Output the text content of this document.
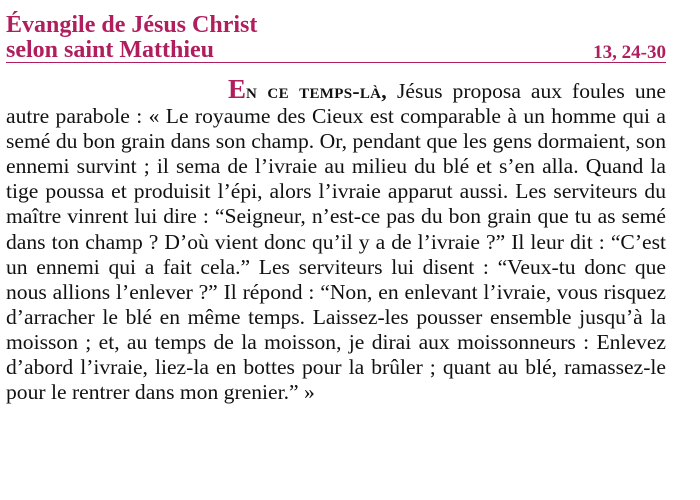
Évangile de Jésus Christ
selon saint Matthieu	13, 24-30

En ce temps-là, Jésus proposa aux foules une autre parabole : « Le royaume des Cieux est comparable à un homme qui a semé du bon grain dans son champ. Or, pendant que les gens dormaient, son ennemi survint ; il sema de l’ivraie au milieu du blé et s’en alla. Quand la tige poussa et produisit l’épi, alors l’ivraie apparut aussi. Les serviteurs du maître vinrent lui dire : “Seigneur, n’est-ce pas du bon grain que tu as semé dans ton champ ? D’où vient donc qu’il y a de l’ivraie ?” Il leur dit : “C’est un ennemi qui a fait cela.” Les serviteurs lui disent : “Veux-tu donc que nous allions l’enlever ?” Il répond : “Non, en enlevant l’ivraie, vous risquez d’arracher le blé en même temps. Laissez-les pousser ensemble jusqu’à la moisson ; et, au temps de la moisson, je dirai aux moissonneurs : Enlevez d’abord l’ivraie, liez-la en bottes pour la brûler ; quant au blé, ramassez-le pour le rentrer dans mon grenier.” »
